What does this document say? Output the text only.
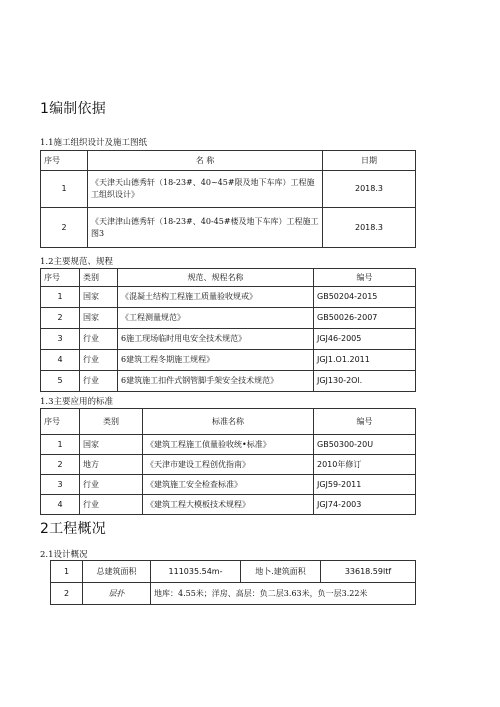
1编制依据
1.1施工组织设计及施工图纸
序号	名 称	日期
1	《天津天山德秀轩（18-23#、40~45#限及地下车库）工程施工组织设计》	2018.3
2	《天津津山德秀轩（18-23#、40-45#楼及地下车库）工程施工图3	2018.3
1.2主要规范、规程
序号	类别	规范、规程名称	编号
1	国家	《混凝土结构工程施工质量验收规戒》	GB50204-2015
2	国家	《工程测量规范》	GB50026-2007
3	行业	6施工现场临时用电安全技术规范》	JGJ46-2005
4	行业	6建筑工程冬期施工规程》	JGJ1.O1.2011
5	行业	6建筑施工扣件式钢管脚手架安全技术规范》	JGJ130-2Ol.
1.3主要应用的标准
序号	类别	标准名称	编号
1	国家	《建筑工程施工侦量验收统•标准》	GB50300-20U
2	地方	《天津市建设工程创优指南》	2010年修订
3	行业	《建筑施工安全检查标准》	JGJ59-2011
4	行业	《建筑工程大模板技术规程》	JGJ74-2003
2工程概况
2.1设计概况
1	总建筑面积	111035.54m-	地卜.建筑面积	33618.59ltf
2	层扑	地库：4.55米；洋房、高层：负二层3.63米，负一层3.22米		
